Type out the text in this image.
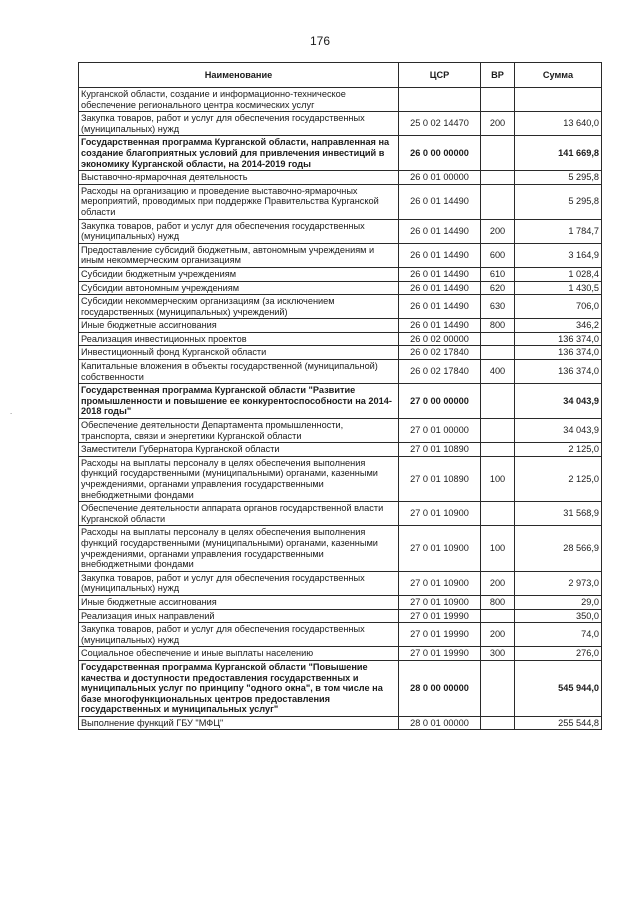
176
˙
Наименование	ЦСР	ВР	Сумма
Курганской области, создание и информационно-техническое обеспечение регионального центра космических услуг			
Закупка товаров, работ и услуг для обеспечения государственных (муниципальных) нужд	25 0 02 14470	200	13 640,0
Государственная программа Курганской области, направленная на создание благоприятных условий для привлечения инвестиций в экономику Курганской области, на 2014-2019 годы	26 0 00 00000		141 669,8
Выставочно-ярмарочная деятельность	26 0 01 00000		5 295,8
Расходы на организацию и проведение выставочно-ярмарочных мероприятий, проводимых при поддержке Правительства Курганской области	26 0 01 14490		5 295,8
Закупка товаров, работ и услуг для обеспечения государственных (муниципальных) нужд	26 0 01 14490	200	1 784,7
Предоставление субсидий бюджетным, автономным учреждениям и иным некоммерческим организациям	26 0 01 14490	600	3 164,9
Субсидии бюджетным учреждениям	26 0 01 14490	610	1 028,4
Субсидии автономным учреждениям	26 0 01 14490	620	1 430,5
Субсидии некоммерческим организациям (за исключением государственных (муниципальных) учреждений)	26 0 01 14490	630	706,0
Иные бюджетные ассигнования	26 0 01 14490	800	346,2
Реализация инвестиционных проектов	26 0 02 00000		136 374,0
Инвестиционный фонд Курганской области	26 0 02 17840		136 374,0
Капитальные вложения в объекты государственной (муниципальной) собственности	26 0 02 17840	400	136 374,0
Государственная программа Курганской области "Развитие промышленности и повышение ее конкурентоспособности на 2014-2018 годы"	27 0 00 00000		34 043,9
Обеспечение деятельности Департамента промышленности, транспорта, связи и энергетики Курганской области	27 0 01 00000		34 043,9
Заместители Губернатора Курганской области	27 0 01 10890		2 125,0
Расходы на выплаты персоналу в целях обеспечения выполнения функций государственными (муниципальными) органами, казенными учреждениями, органами управления государственными внебюджетными фондами	27 0 01 10890	100	2 125,0
Обеспечение деятельности аппарата органов государственной власти Курганской области	27 0 01 10900		31 568,9
Расходы на выплаты персоналу в целях обеспечения выполнения функций государственными (муниципальными) органами, казенными учреждениями, органами управления государственными внебюджетными фондами	27 0 01 10900	100	28 566,9
Закупка товаров, работ и услуг для обеспечения государственных (муниципальных) нужд	27 0 01 10900	200	2 973,0
Иные бюджетные ассигнования	27 0 01 10900	800	29,0
Реализация иных направлений	27 0 01 19990		350,0
Закупка товаров, работ и услуг для обеспечения государственных (муниципальных) нужд	27 0 01 19990	200	74,0
Социальное обеспечение и иные выплаты населению	27 0 01 19990	300	276,0
Государственная программа Курганской области "Повышение качества и доступности предоставления государственных и муниципальных услуг по принципу "одного окна", в том числе на базе многофункциональных центров предоставления государственных и муниципальных услуг"	28 0 00 00000		545 944,0
Выполнение функций ГБУ "МФЦ"	28 0 01 00000		255 544,8
